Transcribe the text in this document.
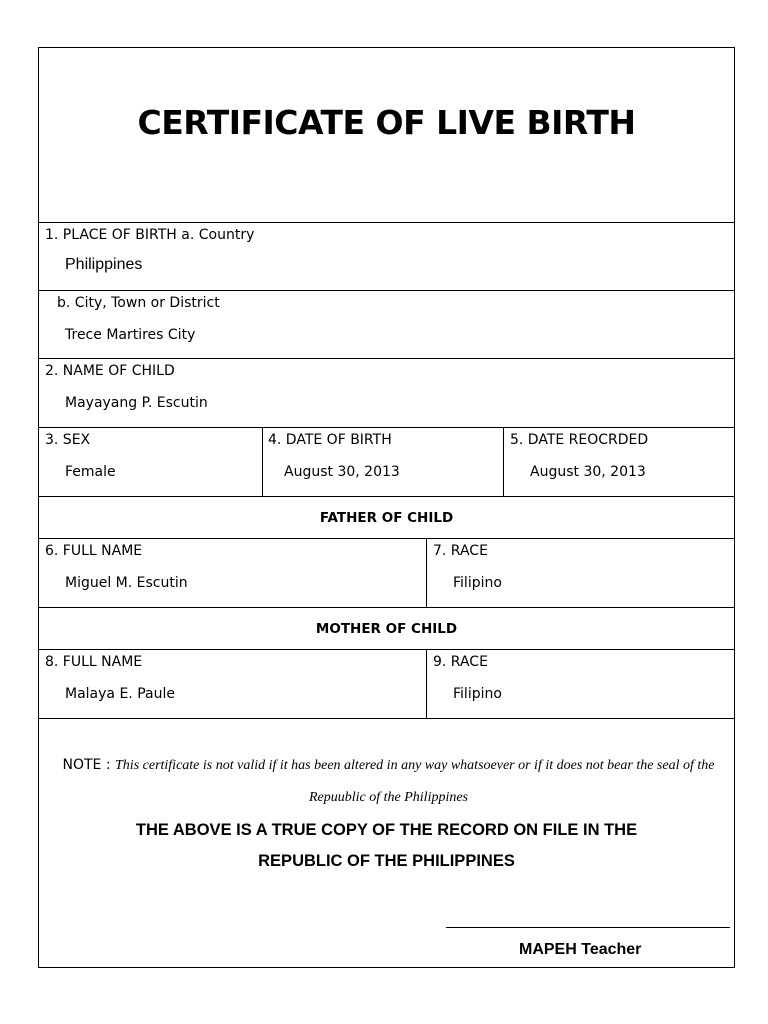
CERTIFICATE OF LIVE BIRTH
1. PLACE OF BIRTH a. Country
Philippines
b. City, Town or District
Trece Martires City
2. NAME OF CHILD
Mayayang P. Escutin
3. SEX
Female
4. DATE OF BIRTH
August 30, 2013
5. DATE REOCRDED
August 30, 2013
FATHER OF CHILD
6. FULL NAME
Miguel M. Escutin
7. RACE
Filipino
MOTHER OF CHILD
8. FULL NAME
Malaya E. Paule
9. RACE
Filipino
NOTE : This certificate is not valid if it has been altered in any way whatsoever or if it does not bear the seal of the Repuublic of the Philippines
THE ABOVE IS A TRUE COPY OF THE RECORD ON FILE IN THE
REPUBLIC OF THE PHILIPPINES
MAPEH Teacher
